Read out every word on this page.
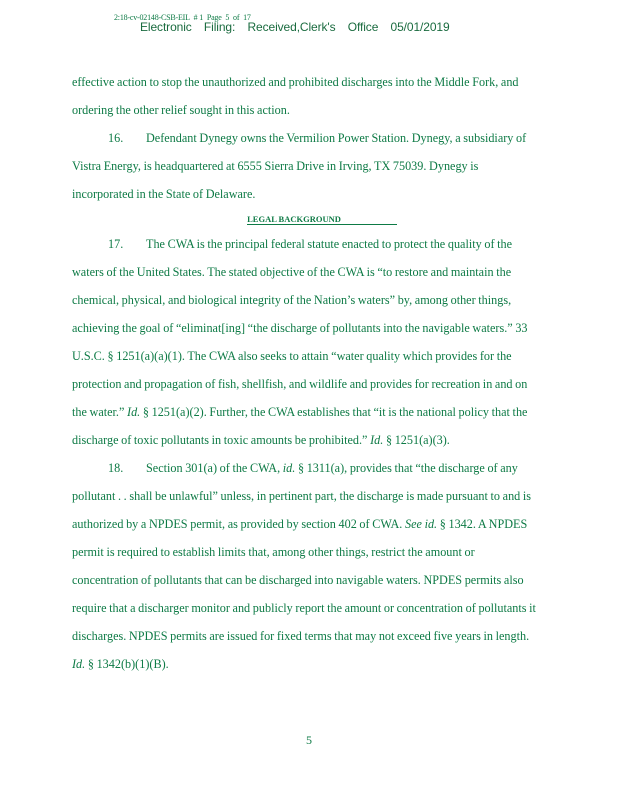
2:18-cv-02148-CSB-EIL # 1 Page 5 of 17
Electronic Filing: Received,Clerk's Office 05/01/2019
effective action to stop the unauthorized and prohibited discharges into the Middle Fork, and
ordering the other relief sought in this action.
16. Defendant Dynegy owns the Vermilion Power Station. Dynegy, a subsidiary of
Vistra Energy, is headquartered at 6555 Sierra Drive in Irving, TX 75039. Dynegy is
incorporated in the State of Delaware.
LEGAL BACKGROUND
17. The CWA is the principal federal statute enacted to protect the quality of the
waters of the United States. The stated objective of the CWA is “to restore and maintain the
chemical, physical, and biological integrity of the Nation’s waters” by, among other things,
achieving the goal of “eliminat[ing] “the discharge of pollutants into the navigable waters.” 33
U.S.C. § 1251(a)(a)(1). The CWA also seeks to attain “water quality which provides for the
protection and propagation of fish, shellfish, and wildlife and provides for recreation in and on
the water.” Id. § 1251(a)(2). Further, the CWA establishes that “it is the national policy that the
discharge of toxic pollutants in toxic amounts be prohibited.” Id. § 1251(a)(3).
18. Section 301(a) of the CWA, id. § 1311(a), provides that “the discharge of any
pollutant . . shall be unlawful” unless, in pertinent part, the discharge is made pursuant to and is
authorized by a NPDES permit, as provided by section 402 of CWA. See id. § 1342. A NPDES
permit is required to establish limits that, among other things, restrict the amount or
concentration of pollutants that can be discharged into navigable waters. NPDES permits also
require that a discharger monitor and publicly report the amount or concentration of pollutants it
discharges. NPDES permits are issued for fixed terms that may not exceed five years in length.
Id. § 1342(b)(1)(B).
5
